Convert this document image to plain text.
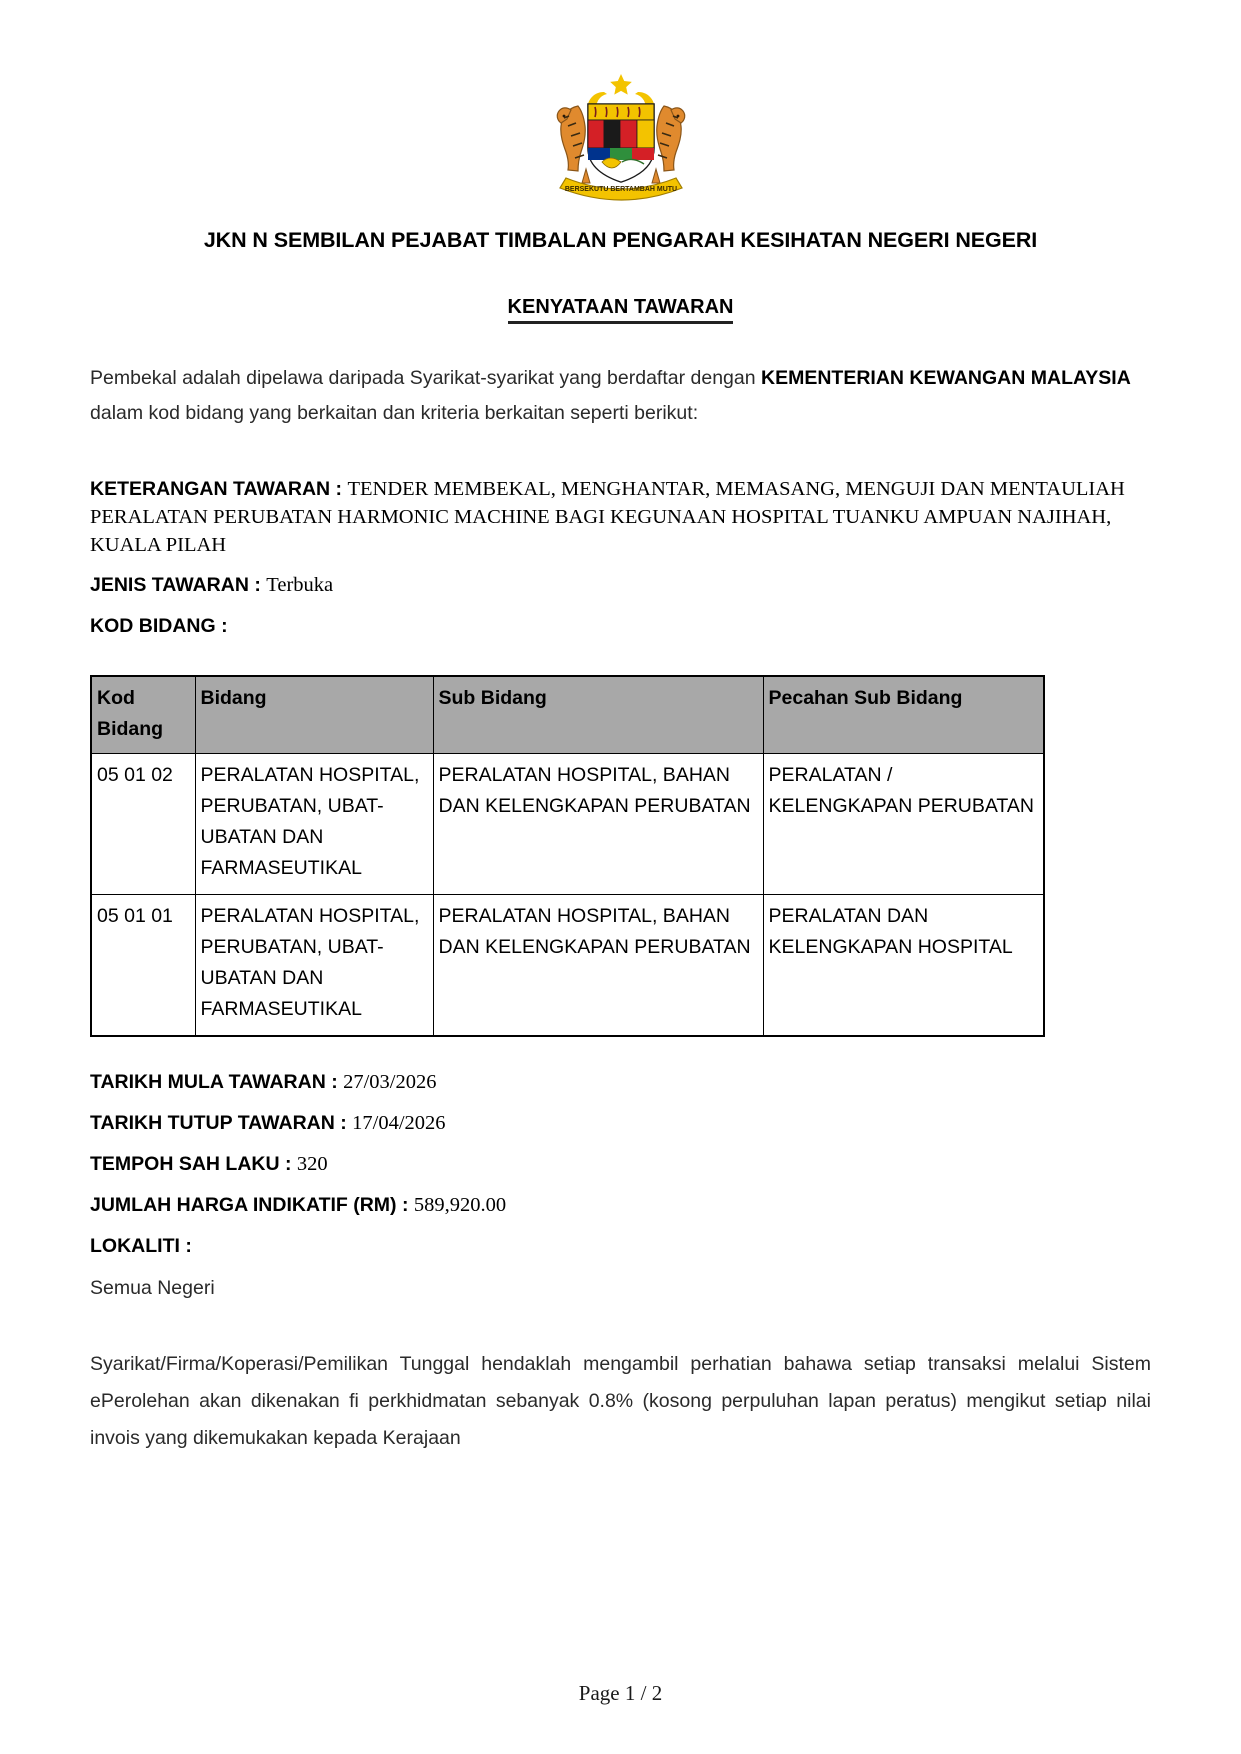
BERSEKUTU BERTAMBAH MUTU
JKN N SEMBILAN PEJABAT TIMBALAN PENGARAH KESIHATAN NEGERI NEGERI
KENYATAAN TAWARAN
Pembekal adalah dipelawa daripada Syarikat-syarikat yang berdaftar dengan KEMENTERIAN KEWANGAN MALAYSIA dalam kod bidang yang berkaitan dan kriteria berkaitan seperti berikut:
KETERANGAN TAWARAN : TENDER MEMBEKAL, MENGHANTAR, MEMASANG, MENGUJI DAN MENTAULIAH PERALATAN PERUBATAN HARMONIC MACHINE BAGI KEGUNAAN HOSPITAL TUANKU AMPUAN NAJIHAH, KUALA PILAH
JENIS TAWARAN : Terbuka
KOD BIDANG :
Kod Bidang	Bidang	Sub Bidang	Pecahan Sub Bidang
05 01 02	PERALATAN HOSPITAL, PERUBATAN, UBAT-UBATAN DAN FARMASEUTIKAL	PERALATAN HOSPITAL, BAHAN DAN KELENGKAPAN PERUBATAN	PERALATAN / KELENGKAPAN PERUBATAN
05 01 01	PERALATAN HOSPITAL, PERUBATAN, UBAT-UBATAN DAN FARMASEUTIKAL	PERALATAN HOSPITAL, BAHAN DAN KELENGKAPAN PERUBATAN	PERALATAN DAN KELENGKAPAN HOSPITAL
TARIKH MULA TAWARAN : 27/03/2026
TARIKH TUTUP TAWARAN : 17/04/2026
TEMPOH SAH LAKU : 320
JUMLAH HARGA INDIKATIF (RM) : 589,920.00
LOKALITI :
Semua Negeri
Syarikat/Firma/Koperasi/Pemilikan Tunggal hendaklah mengambil perhatian bahawa setiap transaksi melalui Sistem ePerolehan akan dikenakan fi perkhidmatan sebanyak 0.8% (kosong perpuluhan lapan peratus) mengikut setiap nilai invois yang dikemukakan kepada Kerajaan
Page 1 / 2
